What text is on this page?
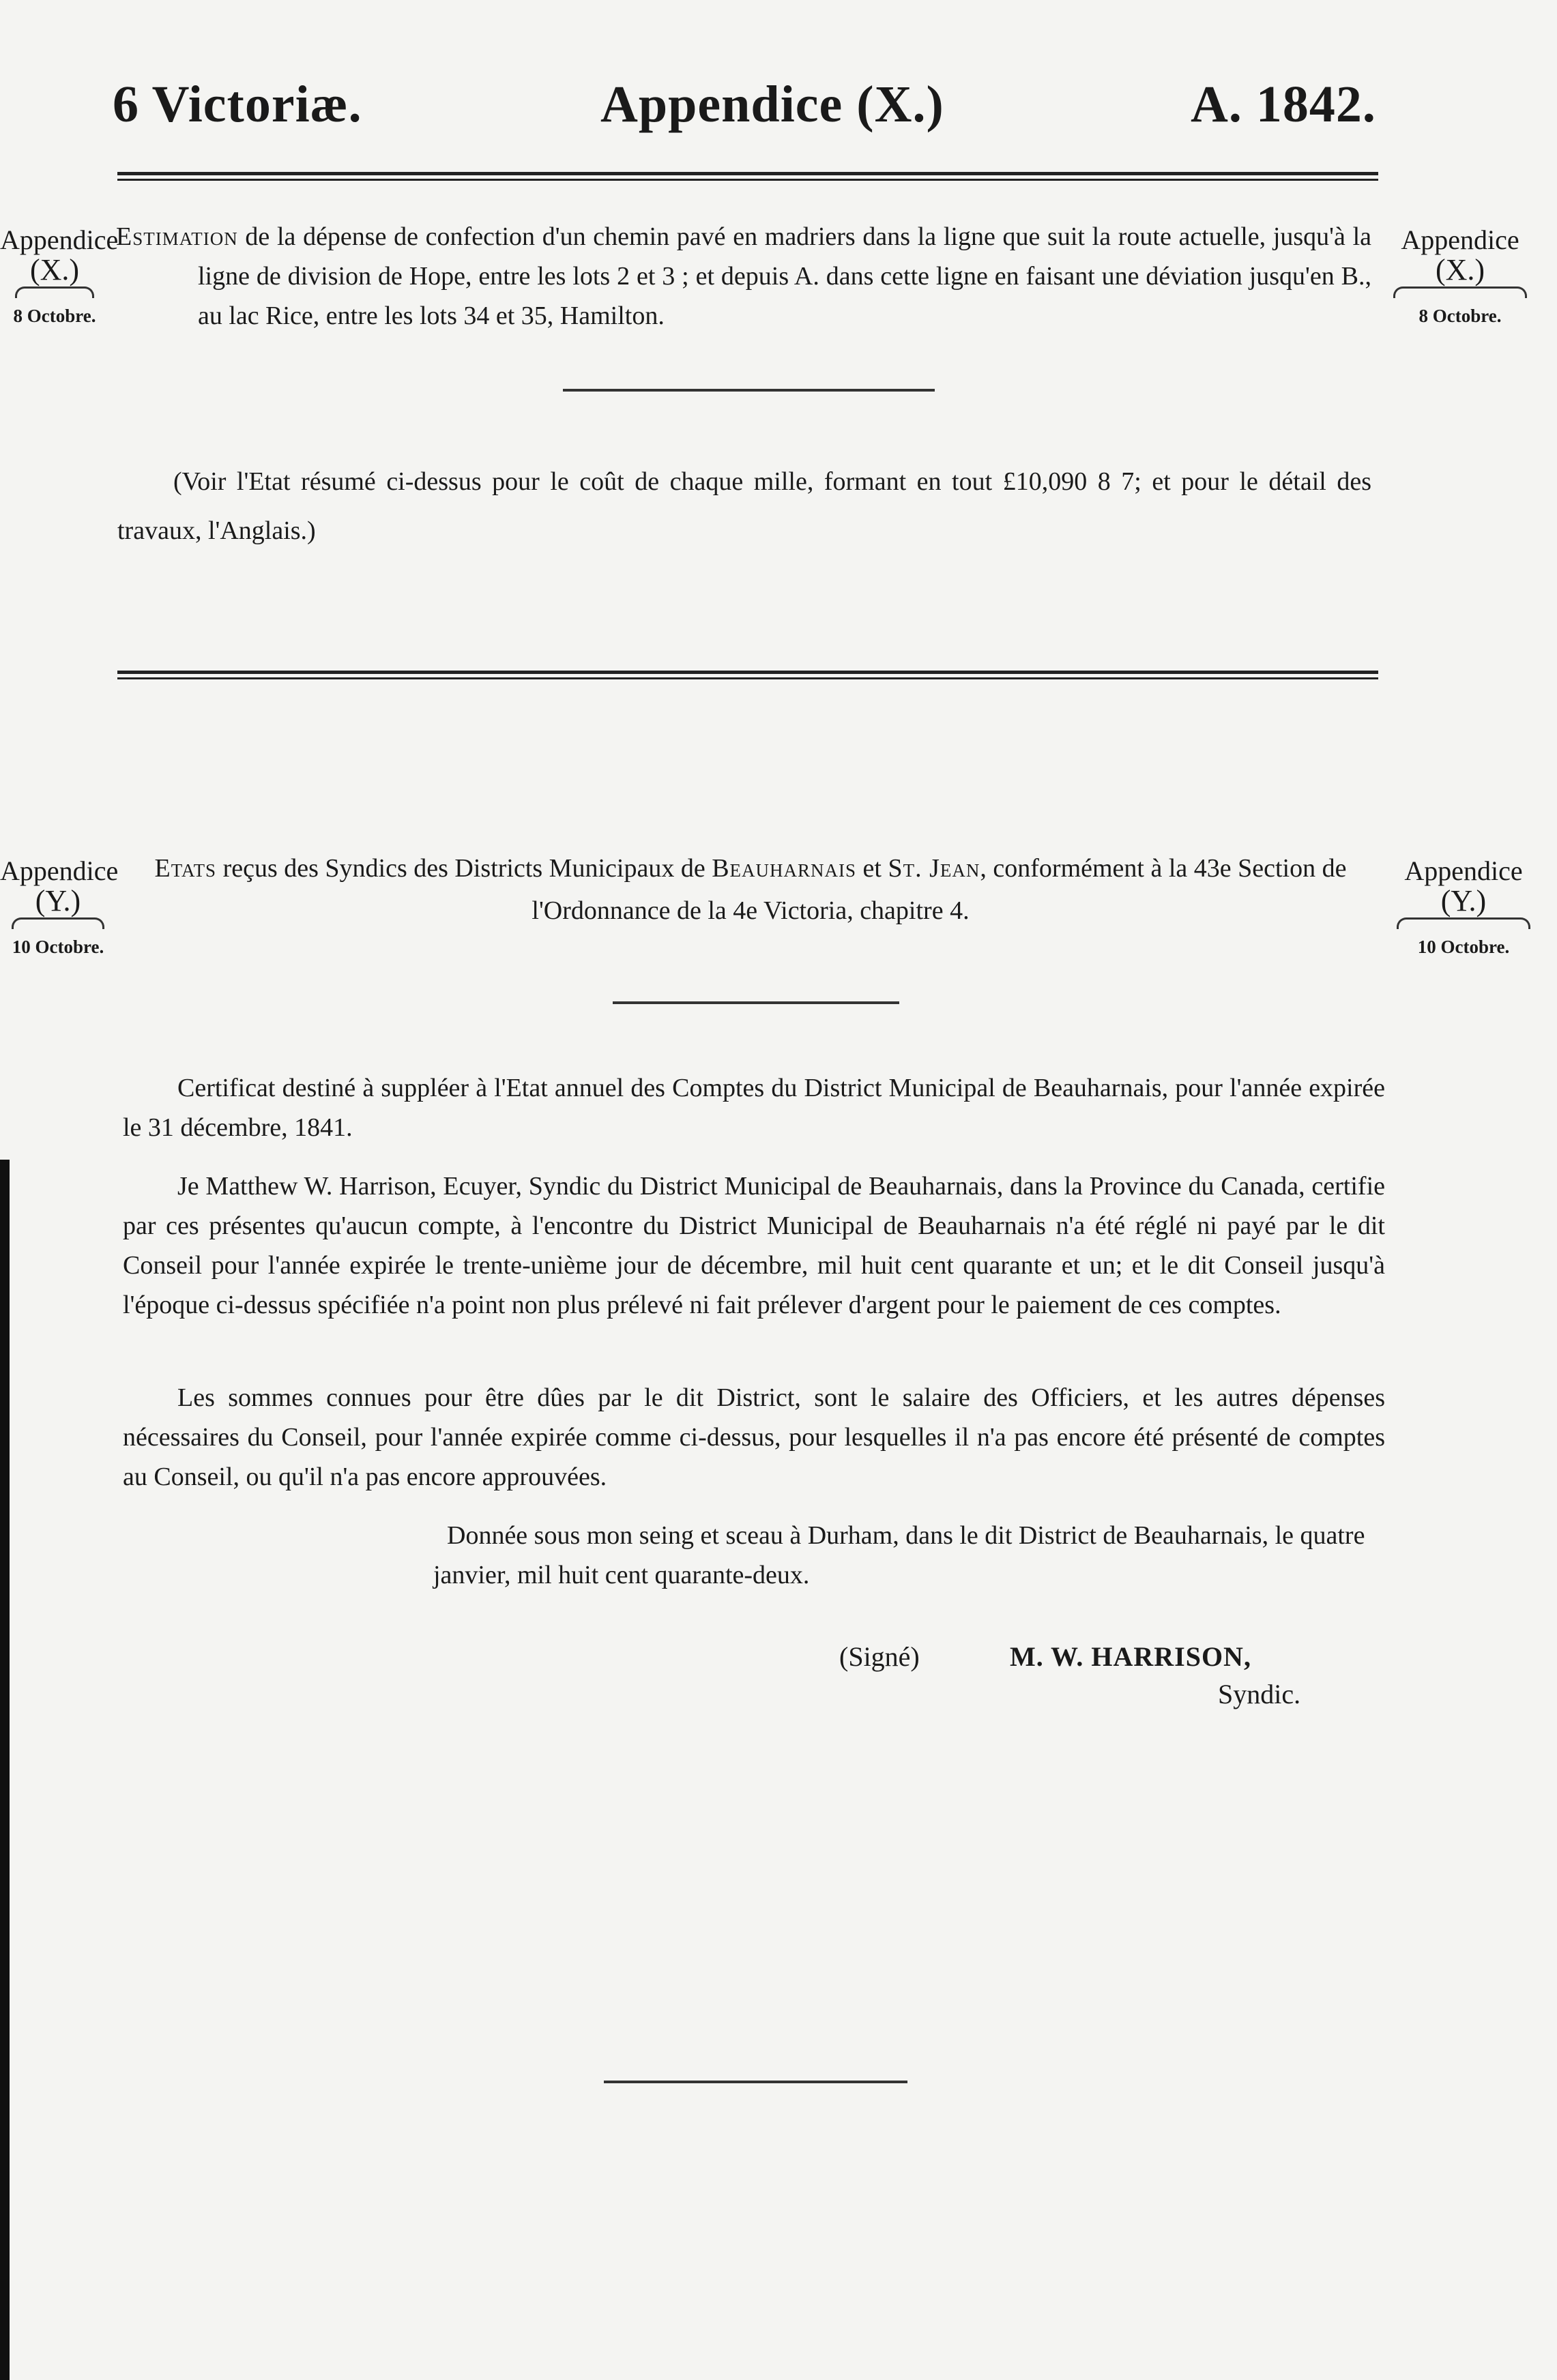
6 Victoriæ.	Appendice (X.)	A. 1842.
Appendice
(X.)
8 Octobre.
Appendice
(X.)
8 Octobre.
Estimation de la dépense de confection d'un chemin pavé en madriers dans la ligne que suit la route actuelle, jusqu'à la ligne de division de Hope, entre les lots 2 et 3 ; et depuis A. dans cette ligne en faisant une déviation jusqu'en B., au lac Rice, entre les lots 34 et 35, Hamilton.
(Voir l'Etat résumé ci-dessus pour le coût de chaque mille, formant en tout £10,090 8 7; et pour le détail des travaux, l'Anglais.)
Appendice
(Y.)
10 Octobre.
Appendice
(Y.)
10 Octobre.
Etats reçus des Syndics des Districts Municipaux de Beauharnais et St. Jean, conformément à la 43e Section de l'Ordonnance de la 4e Victoria, chapitre 4.
Certificat destiné à suppléer à l'Etat annuel des Comptes du District Municipal de Beauharnais, pour l'année expirée le 31 décembre, 1841.
Je Matthew W. Harrison, Ecuyer, Syndic du District Municipal de Beauharnais, dans la Province du Canada, certifie par ces présentes qu'aucun compte, à l'encontre du District Municipal de Beauharnais n'a été réglé ni payé par le dit Conseil pour l'année expirée le trente-unième jour de décembre, mil huit cent quarante et un; et le dit Conseil jusqu'à l'époque ci-dessus spécifiée n'a point non plus prélevé ni fait prélever d'argent pour le paiement de ces comptes.
Les sommes connues pour être dûes par le dit District, sont le salaire des Officiers, et les autres dépenses nécessaires du Conseil, pour l'année expirée comme ci-dessus, pour lesquelles il n'a pas encore été présenté de comptes au Conseil, ou qu'il n'a pas encore approuvées.
Donnée sous mon seing et sceau à Durham, dans le dit District de Beauharnais, le quatre janvier, mil huit cent quarante-deux.
(Signé)	M. W. HARRISON,
Syndic.
